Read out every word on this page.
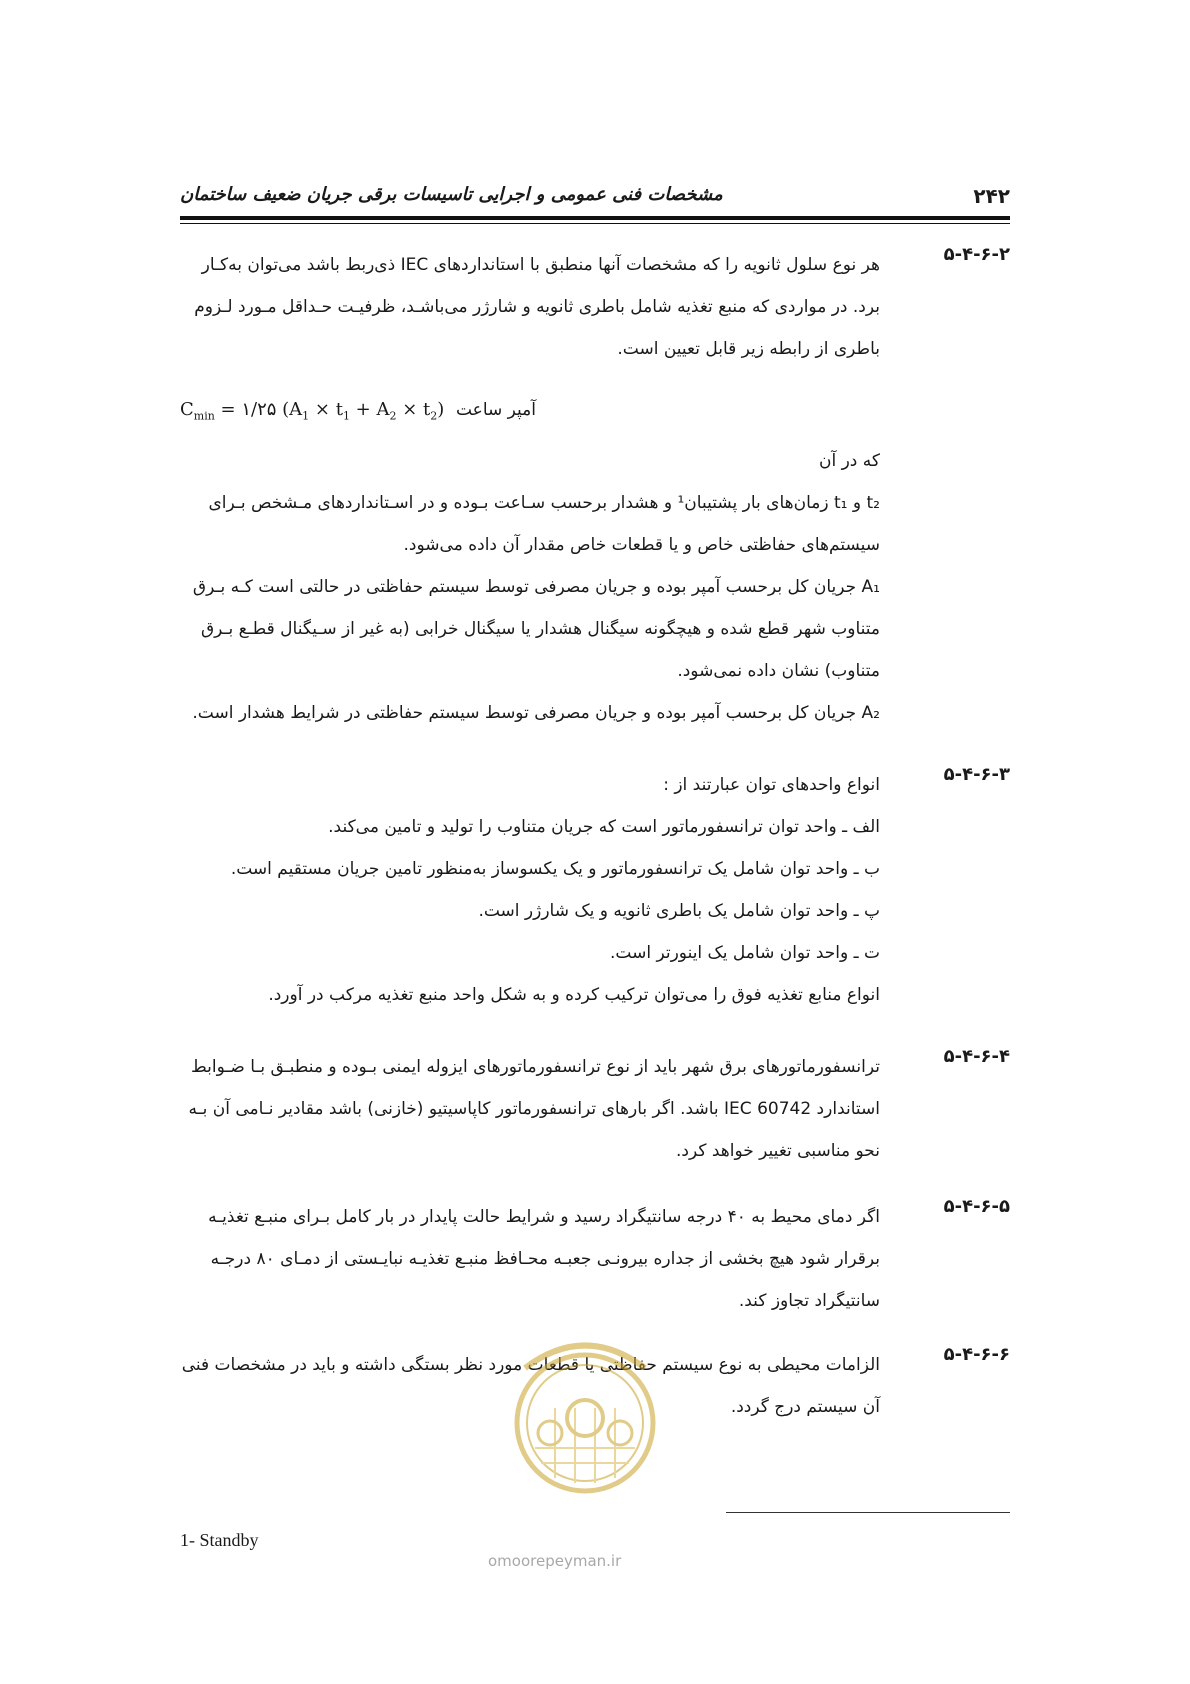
۲۴۲
مشخصات فنی عمومی و اجرایی تاسیسات برقی جریان ضعیف ساختمان
۵-۴-۶-۲
هر نوع سلول ثانویه را که مشخصات آنها منطبق با استانداردهای IEC ذی‌ربط باشد می‌توان به‌کـار
برد. در مواردی که منبع تغذیه شامل باطری ثانویه و شارژر می‌باشـد، ظرفیـت حـداقل مـورد لـزوم
باطری از رابطه زیر قابل تعیین است.
$C_{min}$ = ۱/۲۵ $(A_1 \times t_1 + A_2 \times t_2)$ آمپر ساعت
که در آن
t₂ و t₁ زمان‌های بار پشتیبان¹ و هشدار برحسب سـاعت بـوده و در اسـتانداردهای مـشخص بـرای
سیستم‌های حفاظتی خاص و یا قطعات خاص مقدار آن داده می‌شود.
A₁ جریان کل برحسب آمپر بوده و جریان مصرفی توسط سیستم حفاظتی در حالتی است کـه بـرق
متناوب شهر قطع شده و هیچگونه سیگنال هشدار یا سیگنال خرابی (به غیر از سـیگنال قطـع بـرق
متناوب) نشان داده نمی‌شود.
A₂ جریان کل برحسب آمپر بوده و جریان مصرفی توسط سیستم حفاظتی در شرایط هشدار است.
۵-۴-۶-۳
انواع واحدهای توان عبارتند از :
الف ـ واحد توان ترانسفورماتور است که جریان متناوب را تولید و تامین می‌کند.
ب ـ واحد توان شامل یک ترانسفورماتور و یک یکسوساز به‌منظور تامین جریان مستقیم است.
پ ـ واحد توان شامل یک باطری ثانویه و یک شارژر است.
ت ـ واحد توان شامل یک اینورتر است.
انواع منابع تغذیه فوق را می‌توان ترکیب کرده و به شکل واحد منبع تغذیه مرکب در آورد.
۵-۴-۶-۴
ترانسفورماتورهای برق شهر باید از نوع ترانسفورماتورهای ایزوله ایمنی بـوده و منطبـق بـا ضـوابط
استاندارد IEC 60742 باشد. اگر بارهای ترانسفورماتور کاپاسیتیو (خازنی) باشد مقادیر نـامی آن بـه
نحو مناسبی تغییر خواهد کرد.
۵-۴-۶-۵
اگر دمای محیط به ۴۰ درجه سانتیگراد رسید و شرایط حالت پایدار در بار کامل بـرای منبـع تغذیـه
برقرار شود هیچ بخشی از جداره بیرونـی جعبـه محـافظ منبـع تغذیـه نبایـستی از دمـای ۸۰ درجـه
سانتیگراد تجاوز کند.
۵-۴-۶-۶
الزامات محیطی به نوع سیستم حفاظتی یا قطعات مورد نظر بستگی داشته و باید در مشخصات فنی
آن سیستم درج گردد.
omoorepeyman.ir
1- Standby
